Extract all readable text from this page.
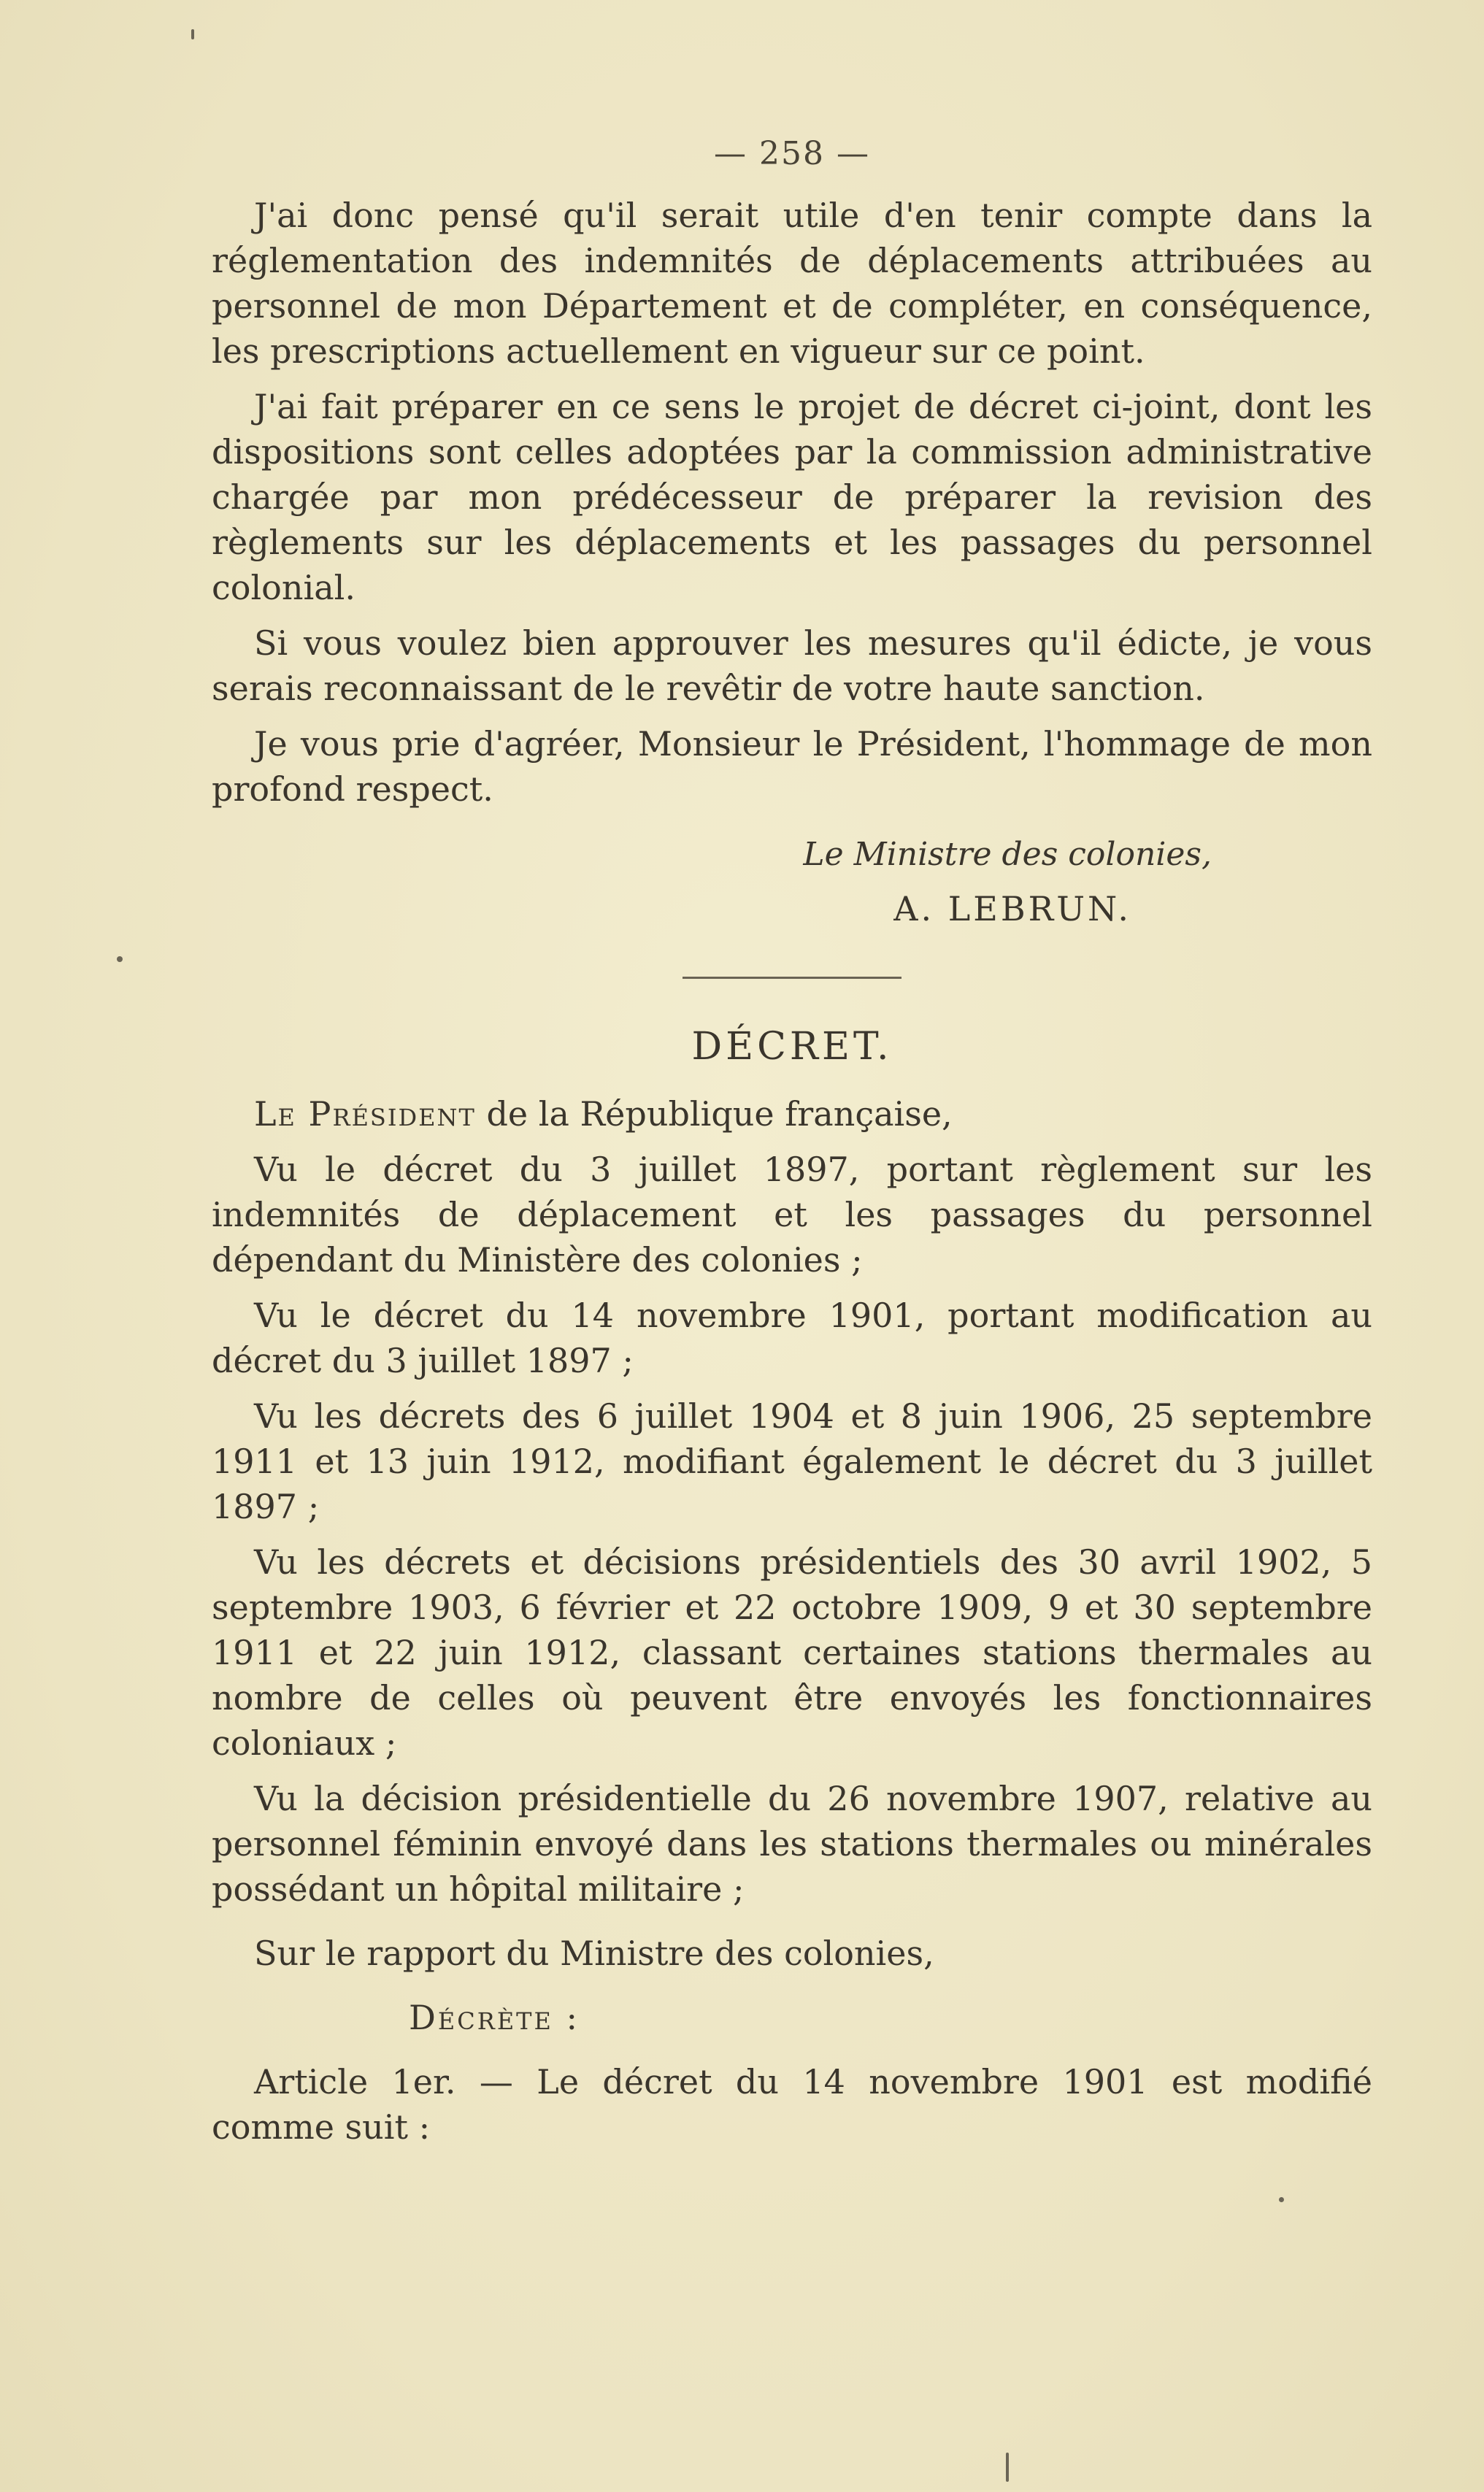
— 258 —

J'ai donc pensé qu'il serait utile d'en tenir compte dans la réglementation des indemnités de déplacements attribuées au personnel de mon Département et de compléter, en conséquence, les prescriptions actuellement en vigueur sur ce point.

J'ai fait préparer en ce sens le projet de décret ci-joint, dont les dispositions sont celles adoptées par la commission administrative chargée par mon prédécesseur de préparer la revision des règlements sur les déplacements et les passages du personnel colonial.

Si vous voulez bien approuver les mesures qu'il édicte, je vous serais reconnaissant de le revêtir de votre haute sanction.

Je vous prie d'agréer, Monsieur le Président, l'hommage de mon profond respect.

Le Ministre des colonies,
A. LEBRUN.
DÉCRET.

Le Président de la République française,

Vu le décret du 3 juillet 1897, portant règlement sur les indemnités de déplacement et les passages du personnel dépendant du Ministère des colonies ;

Vu le décret du 14 novembre 1901, portant modification au décret du 3 juillet 1897 ;

Vu les décrets des 6 juillet 1904 et 8 juin 1906, 25 septembre 1911 et 13 juin 1912, modifiant également le décret du 3 juillet 1897 ;

Vu les décrets et décisions présidentiels des 30 avril 1902, 5 septembre 1903, 6 février et 22 octobre 1909, 9 et 30 septembre 1911 et 22 juin 1912, classant certaines stations thermales au nombre de celles où peuvent être envoyés les fonctionnaires coloniaux ;

Vu la décision présidentielle du 26 novembre 1907, relative au personnel féminin envoyé dans les stations thermales ou minérales possédant un hôpital militaire ;

Sur le rapport du Ministre des colonies,

Décrète :

Article 1er. — Le décret du 14 novembre 1901 est modifié comme suit :
